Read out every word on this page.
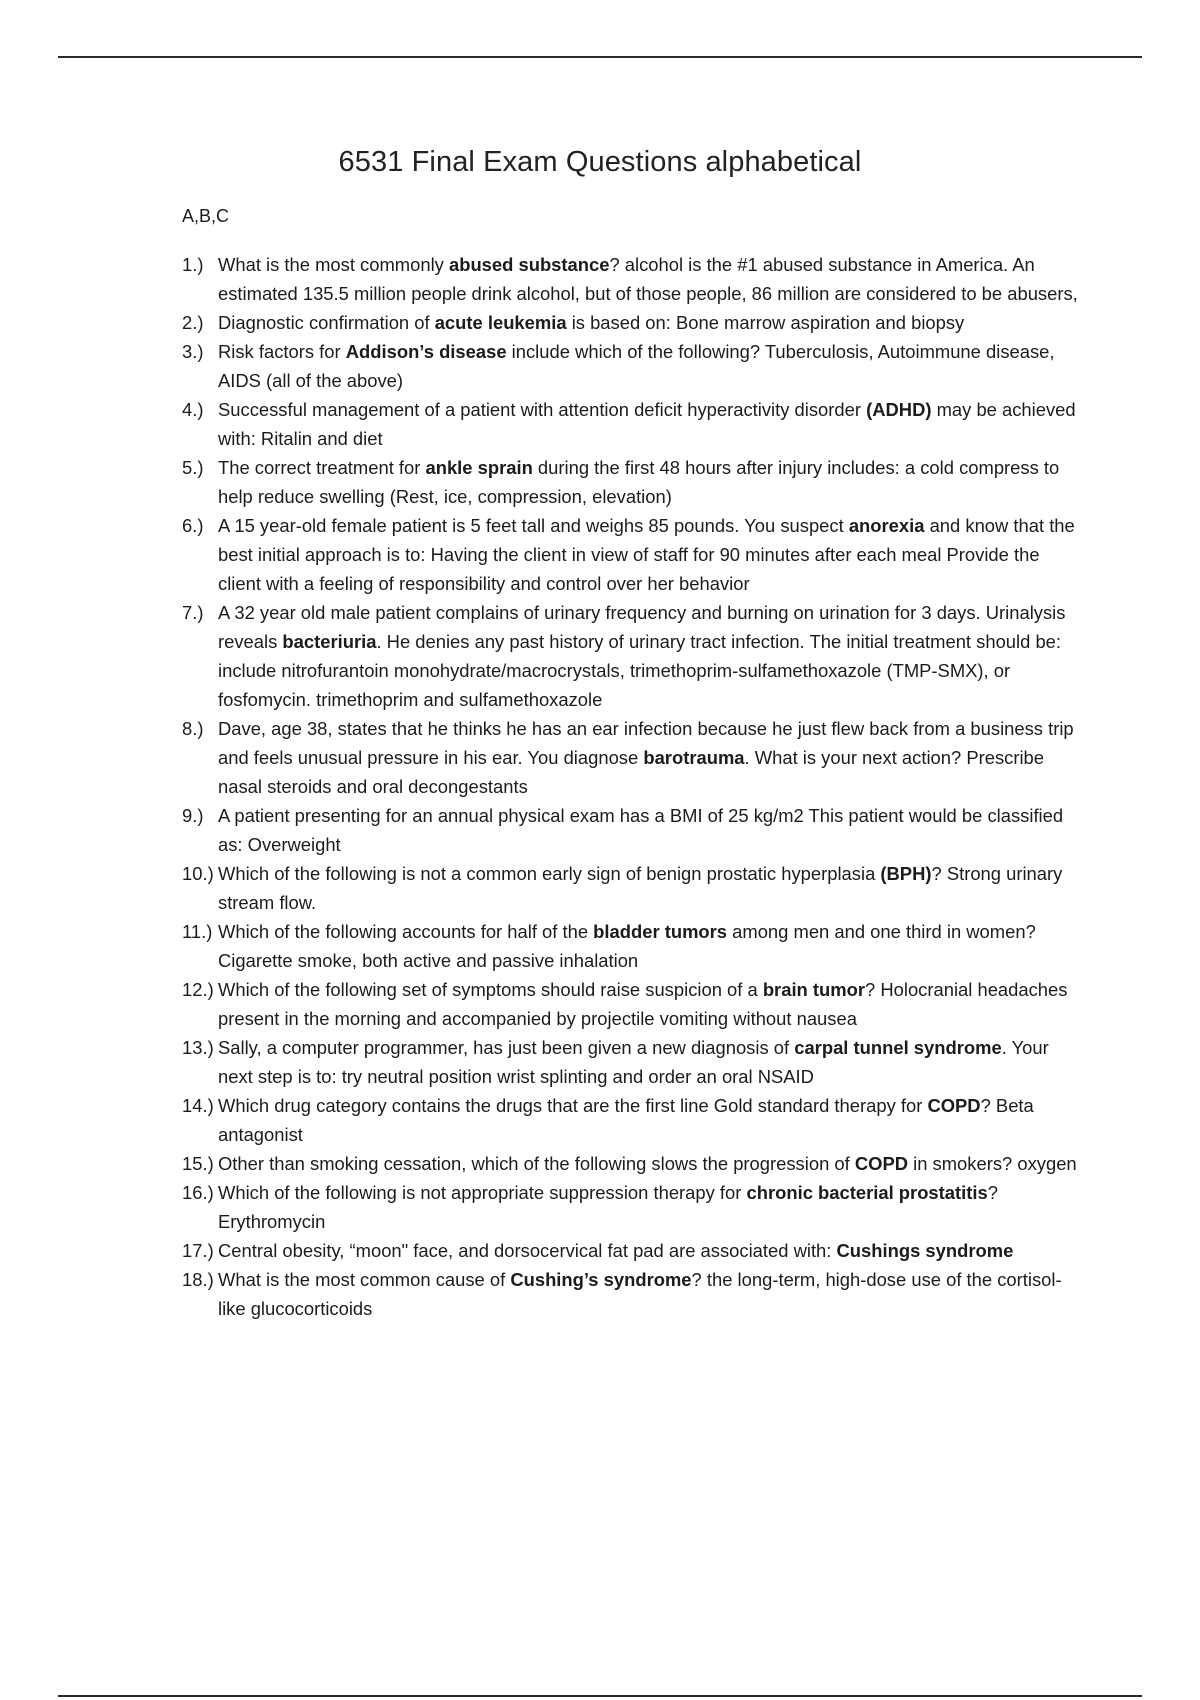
6531 Final Exam Questions alphabetical
A,B,C
1.) What is the most commonly abused substance? alcohol is the #1 abused substance in America. An estimated 135.5 million people drink alcohol, but of those people, 86 million are considered to be abusers,
2.) Diagnostic confirmation of acute leukemia is based on: Bone marrow aspiration and biopsy
3.) Risk factors for Addison’s disease include which of the following? Tuberculosis, Autoimmune disease, AIDS (all of the above)
4.) Successful management of a patient with attention deficit hyperactivity disorder (ADHD) may be achieved with: Ritalin and diet
5.) The correct treatment for ankle sprain during the first 48 hours after injury includes: a cold compress to help reduce swelling (Rest, ice, compression, elevation)
6.) A 15 year-old female patient is 5 feet tall and weighs 85 pounds. You suspect anorexia and know that the best initial approach is to: Having the client in view of staff for 90 minutes after each meal Provide the client with a feeling of responsibility and control over her behavior
7.) A 32 year old male patient complains of urinary frequency and burning on urination for 3 days. Urinalysis reveals bacteriuria. He denies any past history of urinary tract infection. The initial treatment should be: include nitrofurantoin monohydrate/macrocrystals, trimethoprim-sulfamethoxazole (TMP-SMX), or fosfomycin. trimethoprim and sulfamethoxazole
8.) Dave, age 38, states that he thinks he has an ear infection because he just flew back from a business trip and feels unusual pressure in his ear. You diagnose barotrauma. What is your next action? Prescribe nasal steroids and oral decongestants
9.) A patient presenting for an annual physical exam has a BMI of 25 kg/m2 This patient would be classified as: Overweight
10.) Which of the following is not a common early sign of benign prostatic hyperplasia (BPH)? Strong urinary stream flow.
11.) Which of the following accounts for half of the bladder tumors among men and one third in women? Cigarette smoke, both active and passive inhalation
12.) Which of the following set of symptoms should raise suspicion of a brain tumor? Holocranial headaches present in the morning and accompanied by projectile vomiting without nausea
13.) Sally, a computer programmer, has just been given a new diagnosis of carpal tunnel syndrome. Your next step is to: try neutral position wrist splinting and order an oral NSAID
14.) Which drug category contains the drugs that are the first line Gold standard therapy for COPD? Beta antagonist
15.) Other than smoking cessation, which of the following slows the progression of COPD in smokers? oxygen
16.) Which of the following is not appropriate suppression therapy for chronic bacterial prostatitis? Erythromycin
17.) Central obesity, “moon" face, and dorsocervical fat pad are associated with: Cushings syndrome
18.) What is the most common cause of Cushing’s syndrome? the long-term, high-dose use of the cortisol-like glucocorticoids
